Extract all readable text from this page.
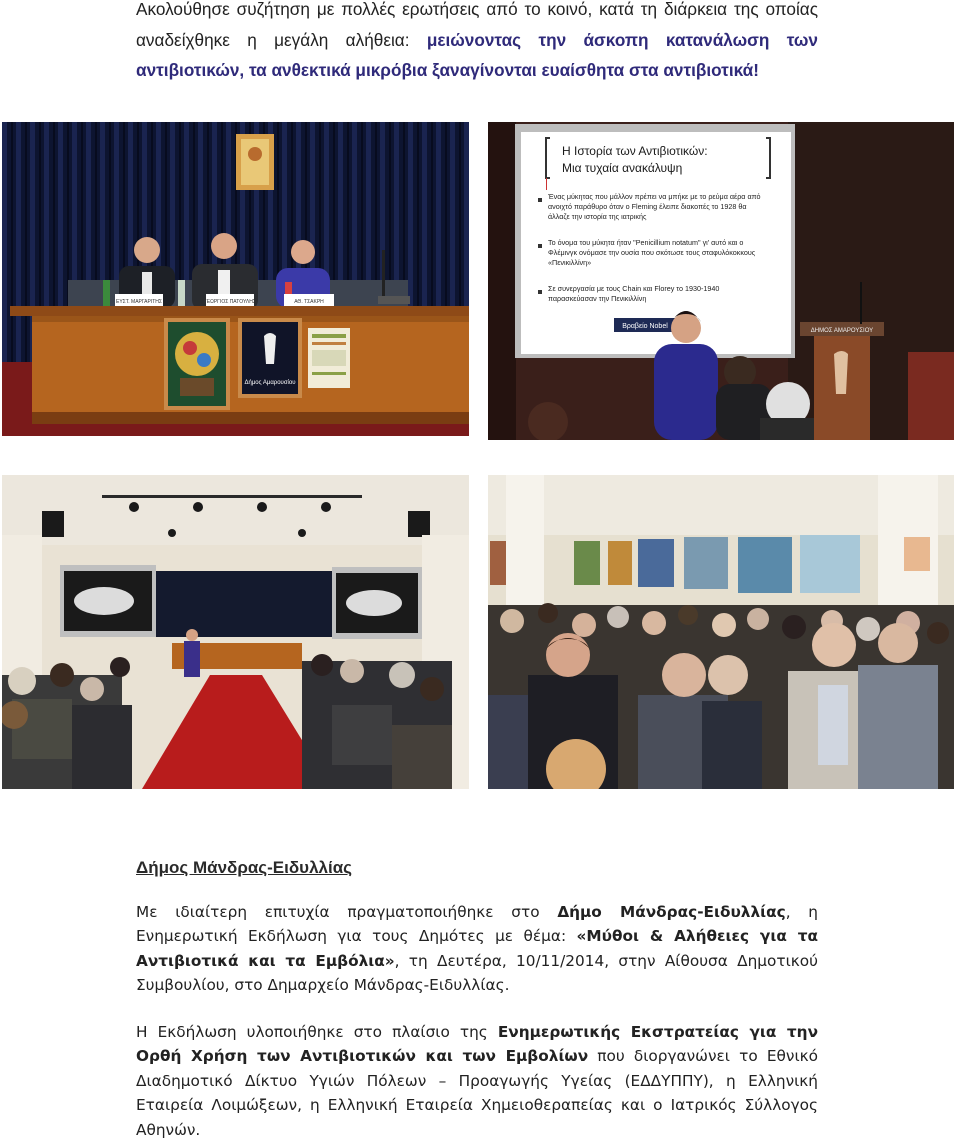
Ακολούθησε συζήτηση με πολλές ερωτήσεις από το κοινό, κατά τη διάρκεια της οποίας αναδείχθηκε η μεγάλη αλήθεια: μειώνοντας την άσκοπη κατανάλωση των αντιβιοτικών, τα ανθεκτικά μικρόβια ξαναγίνονται ευαίσθητα στα αντιβιοτικά!

ΕΥΣΤ. ΜΑΡΓΑΡΙΤΗΣ	ΓΕΩΡΓΙΟΣ ΠΑΤΟΥΛΗΣ	ΑΘ. ΤΣΑΚΡΗ
Δήμος Αμαρουσίου
Η Ιστορία των Αντιβιοτικών:
Μια τυχαία ανακάλυψη
Ένας μύκητας που μάλλον πρέπει να μπήκε με το ρεύμα αέρα από ανοιχτό παράθυρο όταν ο Fleming έλειπε διακοπές το 1928 θα άλλαζε την ιστορία της ιατρικής
Το όνομα του μύκητα ήταν "Penicillium notatum" γι' αυτό και ο Φλέμινγκ ονόμασε την ουσία που σκότωσε τους σταφυλόκοκκους «Πενικιλλίνη»
Σε συνεργασία με τους Chain και Florey το 1930-1940 παρασκεύασαν την Πενικιλλίνη
Βραβείο Nobel
ΔΗΜΟΣ ΑΜΑΡΟΥΣΙΟΥ
Δήμος Μάνδρας-Ειδυλλίας

Με ιδιαίτερη επιτυχία πραγματοποιήθηκε στο Δήμο Μάνδρας-Ειδυλλίας, η Ενημερωτική Εκδήλωση για τους Δημότες με θέμα: «Μύθοι & Αλήθειες για τα Αντιβιοτικά και τα Εμβόλια», τη Δευτέρα, 10/11/2014, στην Αίθουσα Δημοτικού Συμβουλίου, στο Δημαρχείο Μάνδρας-Ειδυλλίας.

Η Εκδήλωση υλοποιήθηκε στο πλαίσιο της Ενημερωτικής Εκστρατείας για την Ορθή Χρήση των Αντιβιοτικών και των Εμβολίων που διοργανώνει το Εθνικό Διαδημοτικό Δίκτυο Υγιών Πόλεων – Προαγωγής Υγείας (ΕΔΔΥΠΠΥ), η Ελληνική Εταιρεία Λοιμώξεων, η Ελληνική Εταιρεία Χημειοθεραπείας και ο Ιατρικός Σύλλογος Αθηνών.
